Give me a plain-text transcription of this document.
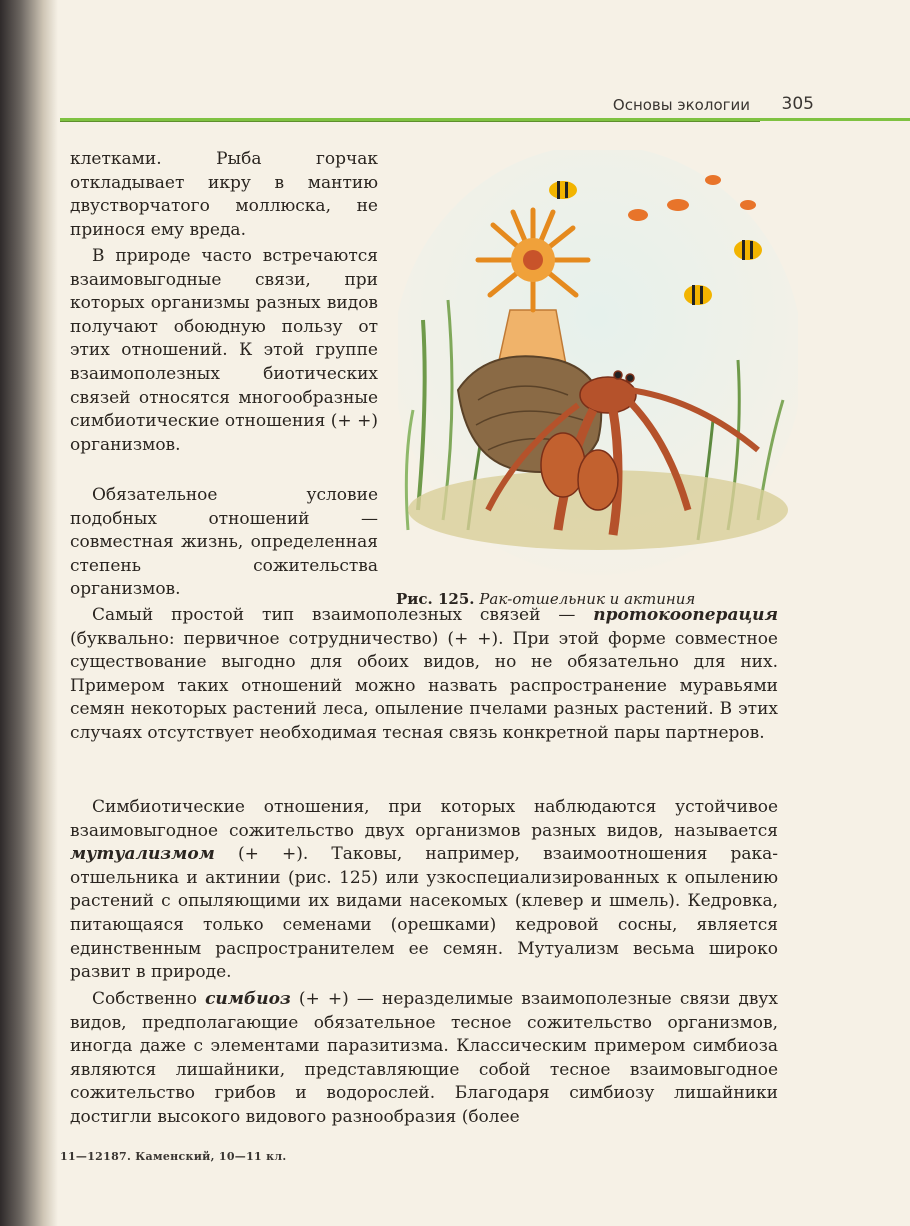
Основы экологии 305

клетками. Рыба горчак откладывает икру в мантию двустворчатого моллюска, не принося ему вреда.

В природе часто встречаются взаимовыгодные связи, при которых организмы разных видов получают обоюдную пользу от этих отношений. К этой группе взаимополезных биотических связей относятся многообразные симбиотические отношения (+ +) организмов.

Обязательное условие подобных отношений — совместная жизнь, определенная степень сожительства организмов.	Рис. 125. Рак-отшельник и актиния

Самый простой тип взаимополезных связей — протокооперация (буквально: первичное сотрудничество) (+ +). При этой форме совместное существование выгодно для обоих видов, но не обязательно для них. Примером таких отношений можно назвать распространение муравьями семян некоторых растений леса, опыление пчелами разных растений. В этих случаях отсутствует необходимая тесная связь конкретной пары партнеров.

Симбиотические отношения, при которых наблюдаются устойчивое взаимовыгодное сожительство двух организмов разных видов, называется мутуализмом (+ +). Таковы, например, взаимоотношения рака-отшельника и актинии (рис. 125) или узкоспециализированных к опылению растений с опыляющими их видами насекомых (клевер и шмель). Кедровка, питающаяся только семенами (орешками) кедровой сосны, является единственным распространителем ее семян. Мутуализм весьма широко развит в природе.

Собственно симбиоз (+ +) — неразделимые взаимополезные связи двух видов, предполагающие обязательное тесное сожительство организмов, иногда даже с элементами паразитизма. Классическим примером симбиоза являются лишайники, представляющие собой тесное взаимовыгодное сожительство грибов и водорослей. Благодаря симбиозу лишайники достигли высокого видового разнообразия (более

11—12187. Каменский, 10—11 кл.
